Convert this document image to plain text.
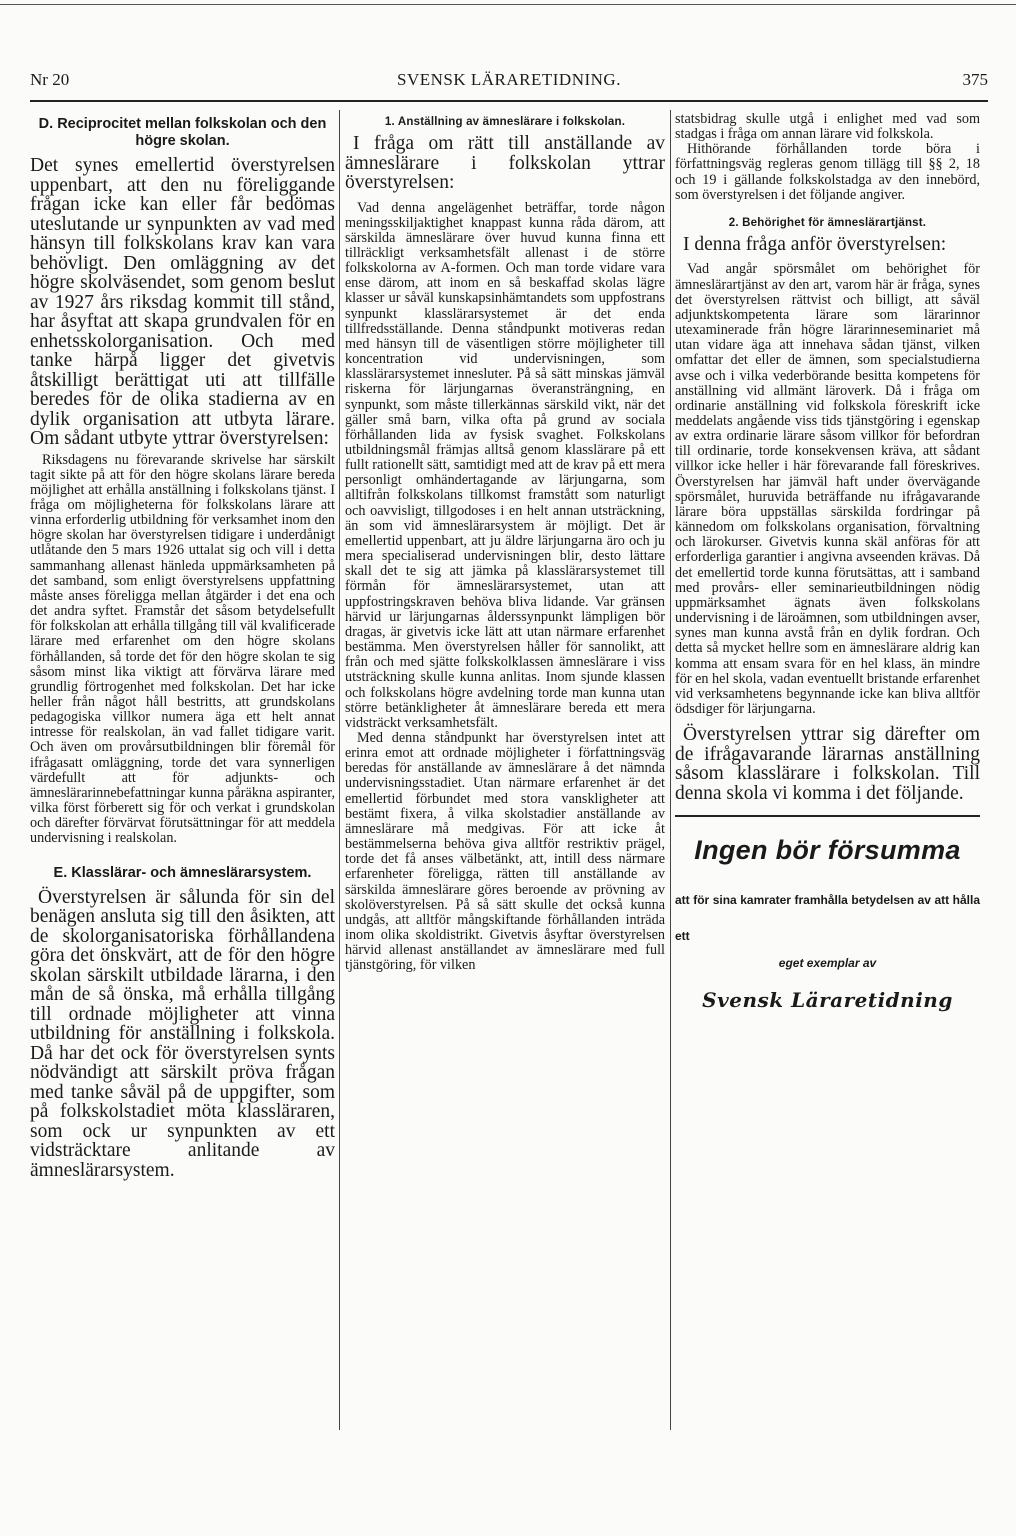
Nr 20	SVENSK LÄRARETIDNING.	375
D. Reciprocitet mellan folkskolan och den högre skolan.

Det synes emellertid överstyrelsen uppenbart, att den nu föreliggande frågan icke kan eller får bedömas uteslutande ur synpunkten av vad med hänsyn till folkskolans krav kan vara behövligt. Den omläggning av det högre skolväsendet, som genom beslut av 1927 års riksdag kommit till stånd, har åsyftat att skapa grundvalen för en enhetsskolorganisation. Och med tanke härpå ligger det givetvis åtskilligt berättigat uti att tillfälle beredes för de olika stadierna av en dylik organisation att utbyta lärare. Om sådant utbyte yttrar överstyrelsen:

Riksdagens nu förevarande skrivelse har särskilt tagit sikte på att för den högre skolans lärare bereda möjlighet att erhålla anställning i folkskolans tjänst. I fråga om möjligheterna för folkskolans lärare att vinna erforderlig utbildning för verksamhet inom den högre skolan har överstyrelsen tidigare i underdånigt utlåtande den 5 mars 1926 uttalat sig och vill i detta sammanhang allenast hänleda uppmärksamheten på det samband, som enligt överstyrelsens uppfattning måste anses föreligga mellan åtgärder i det ena och det andra syftet. Framstår det såsom betydelsefullt för folkskolan att erhålla tillgång till väl kvalificerade lärare med erfarenhet om den högre skolans förhållanden, så torde det för den högre skolan te sig såsom minst lika viktigt att förvärva lärare med grundlig förtrogenhet med folkskolan. Det har icke heller från något håll bestritts, att grundskolans pedagogiska villkor numera äga ett helt annat intresse för realskolan, än vad fallet tidigare varit. Och även om provårsutbildningen blir föremål för ifrågasatt omläggning, torde det vara synnerligen värdefullt att för adjunkts- och ämneslärarinnebefattningar kunna påräkna aspiranter, vilka först förberett sig för och verkat i grundskolan och därefter förvärvat förutsättningar för att meddela undervisning i realskolan.

E. Klasslärar- och ämneslärarsystem.

Överstyrelsen är sålunda för sin del benägen ansluta sig till den åsikten, att de skolorganisatoriska förhållandena göra det önskvärt, att de för den högre skolan särskilt utbildade lärarna, i den mån de så önska, må erhålla tillgång till ordnade möjligheter att vinna utbildning för anställning i folkskola. Då har det ock för överstyrelsen synts nödvändigt att särskilt pröva frågan med tanke såväl på de uppgifter, som på folkskolstadiet möta klassläraren, som ock ur synpunkten av ett vidsträcktare anlitande av ämneslärarsystem.

1. Anställning av ämneslärare i folkskolan.

I fråga om rätt till anställande av ämneslärare i folkskolan yttrar överstyrelsen:

Vad denna angelägenhet beträffar, torde någon meningsskiljaktighet knappast kunna råda därom, att särskilda ämneslärare över huvud kunna finna ett tillräckligt verksamhetsfält allenast i de större folkskolorna av A-formen. Och man torde vidare vara ense därom, att inom en så beskaffad skolas lägre klasser ur såväl kunskapsinhämtandets som uppfostrans synpunkt klasslärarsystemet är det enda tillfredsställande. Denna ståndpunkt motiveras redan med hänsyn till de väsentligen större möjligheter till koncentration vid undervisningen, som klasslärarsystemet innesluter. På så sätt minskas jämväl riskerna för lärjungarnas överansträngning, en synpunkt, som måste tillerkännas särskild vikt, när det gäller små barn, vilka ofta på grund av sociala förhållanden lida av fysisk svaghet. Folkskolans utbildningsmål främjas alltså genom klasslärare på ett fullt rationellt sätt, samtidigt med att de krav på ett mera personligt omhändertagande av lärjungarna, som alltifrån folkskolans tillkomst framstått som naturligt och oavvisligt, tillgodoses i en helt annan utsträckning, än som vid ämneslärarsystem är möjligt. Det är emellertid uppenbart, att ju äldre lärjungarna äro och ju mera specialiserad undervisningen blir, desto lättare skall det te sig att jämka på klasslärarsystemet till förmån för ämneslärarsystemet, utan att uppfostringskraven behöva bliva lidande. Var gränsen härvid ur lärjungarnas ålderssynpunkt lämpligen bör dragas, är givetvis icke lätt att utan närmare erfarenhet bestämma. Men överstyrelsen håller för sannolikt, att från och med sjätte folkskolklassen ämneslärare i viss utsträckning skulle kunna anlitas. Inom sjunde klassen och folkskolans högre avdelning torde man kunna utan större betänkligheter åt ämneslärare bereda ett mera vidsträckt verksamhetsfält.

Med denna ståndpunkt har överstyrelsen intet att erinra emot att ordnade möjligheter i författningsväg beredas för anställande av ämneslärare å det nämnda undervisningsstadiet. Utan närmare erfarenhet är det emellertid förbundet med stora vanskligheter att bestämt fixera, å vilka skolstadier anställande av ämneslärare må medgivas. För att icke åt bestämmelserna behöva giva alltför restriktiv prägel, torde det få anses välbetänkt, att, intill dess närmare erfarenheter föreligga, rätten till anställande av särskilda ämneslärare göres beroende av prövning av skolöverstyrelsen. På så sätt skulle det också kunna undgås, att alltför mångskiftande förhållanden inträda inom olika skoldistrikt. Givetvis åsyftar överstyrelsen härvid allenast anställandet av ämneslärare med full tjänstgöring, för vilken

statsbidrag skulle utgå i enlighet med vad som stadgas i fråga om annan lärare vid folkskola.

Hithörande förhållanden torde böra i författningsväg regleras genom tillägg till §§ 2, 18 och 19 i gällande folkskolstadga av den innebörd, som överstyrelsen i det följande angiver.

2. Behörighet för ämneslärartjänst.

I denna fråga anför överstyrelsen:

Vad angår spörsmålet om behörighet för ämneslärartjänst av den art, varom här är fråga, synes det överstyrelsen rättvist och billigt, att såväl adjunktskompetenta lärare som lärarinnor utexaminerade från högre lärarinneseminariet må utan vidare äga att innehava sådan tjänst, vilken omfattar det eller de ämnen, som specialstudierna avse och i vilka vederbörande besitta kompetens för anställning vid allmänt läroverk. Då i fråga om ordinarie anställning vid folkskola föreskrift icke meddelats angående viss tids tjänstgöring i egenskap av extra ordinarie lärare såsom villkor för befordran till ordinarie, torde konsekvensen kräva, att sådant villkor icke heller i här förevarande fall föreskrives. Överstyrelsen har jämväl haft under övervägande spörsmålet, huruvida beträffande nu ifrågavarande lärare böra uppställas särskilda fordringar på kännedom om folkskolans organisation, förvaltning och lärokurser. Givetvis kunna skäl anföras för att erforderliga garantier i angivna avseenden krävas. Då det emellertid torde kunna förutsättas, att i samband med provårs- eller seminarieutbildningen nödig uppmärksamhet ägnats även folkskolans undervisning i de läroämnen, som utbildningen avser, synes man kunna avstå från en dylik fordran. Och detta så mycket hellre som en ämneslärare aldrig kan komma att ensam svara för en hel klass, än mindre för en hel skola, vadan eventuellt bristande erfarenhet vid verksamhetens begynnande icke kan bliva alltför ödsdiger för lärjungarna.

Överstyrelsen yttrar sig därefter om de ifrågavarande lärarnas anställning såsom klasslärare i folkskolan. Till denna skola vi komma i det följande.

Ingen bör försumma

att för sina kamrater framhålla betydelsen av att hålla ett

eget exemplar av
Svensk Läraretidning
